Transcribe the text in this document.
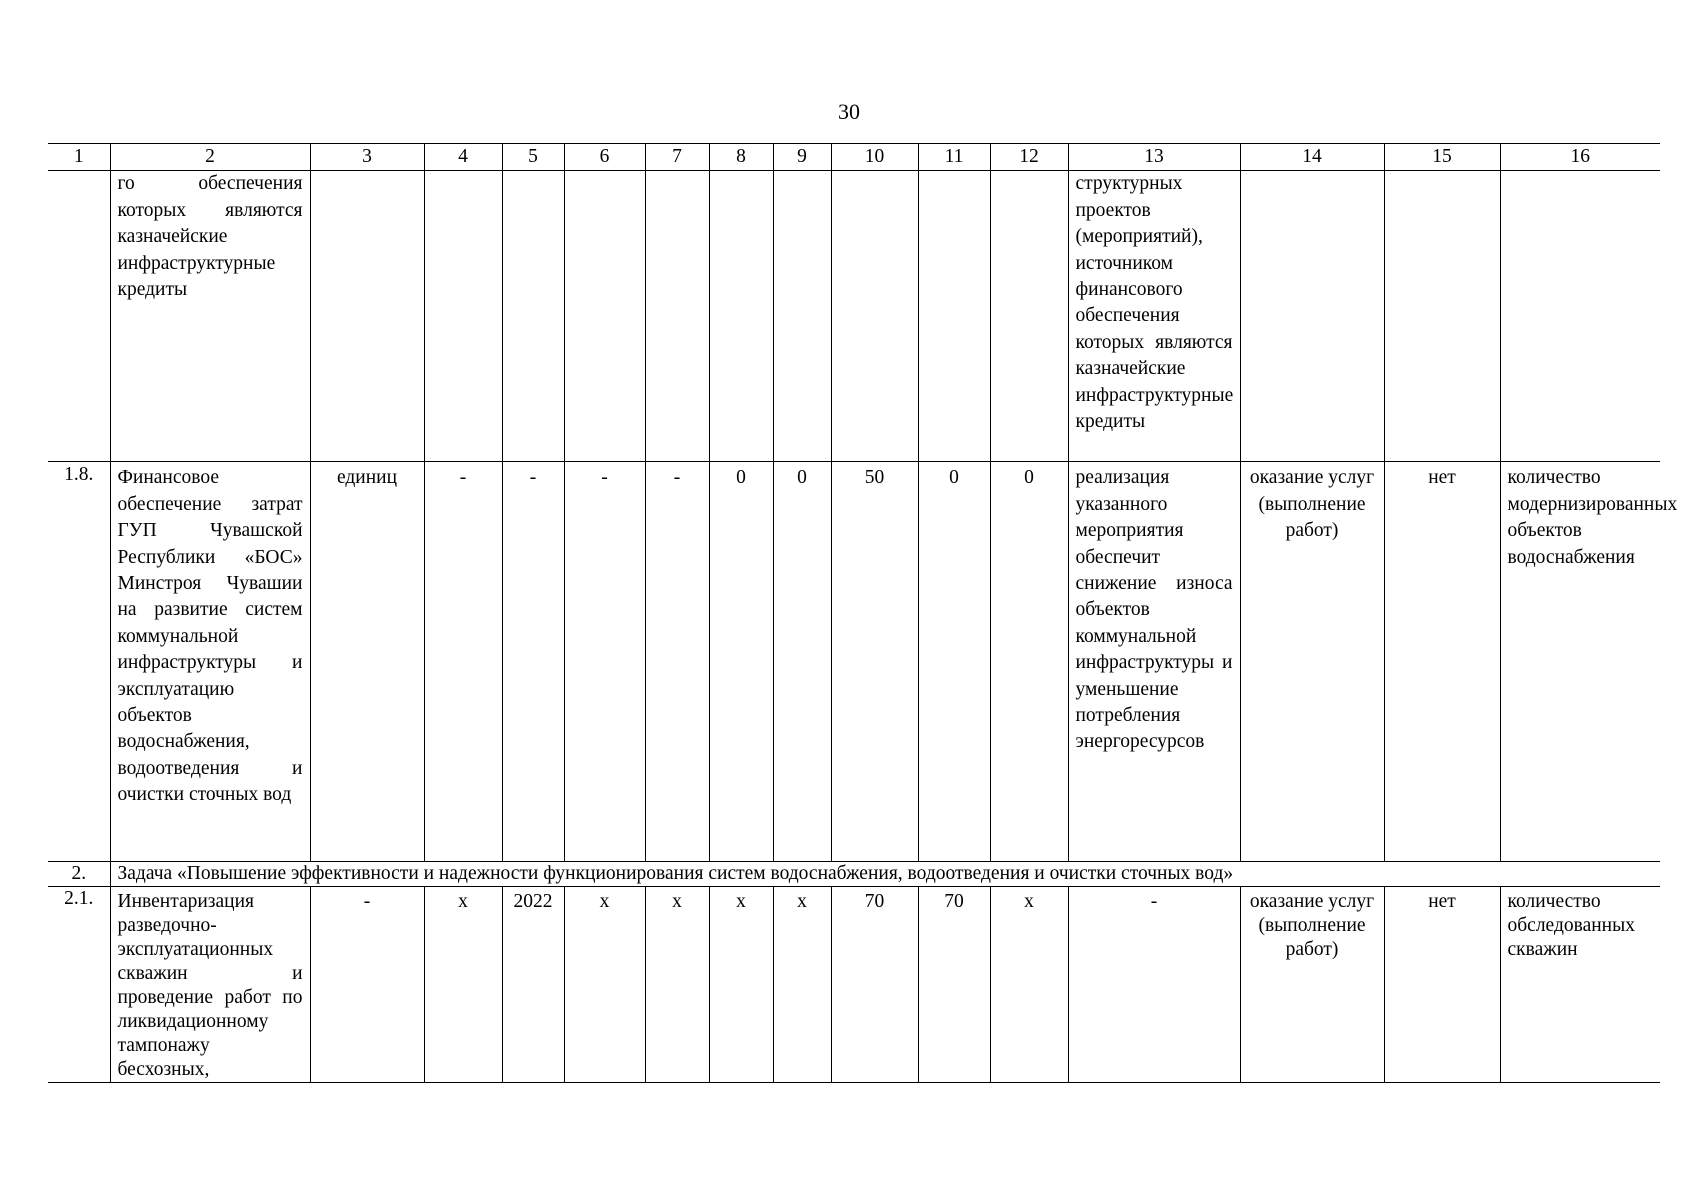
30
1	2	3	4	5	6	7	8	9	10	11	12	13	14	15	16
	го обеспечения которых являются казначейские инфраструктурные кредиты											структурных проектов (мероприятий), источником финансового обеспечения которых являются казначейские инфраструктурные кредиты			
1.8.	Финансовое обеспечение затрат ГУП Чувашской Республики «БОС» Минстроя Чувашии на развитие систем коммунальной инфраструктуры и эксплуатацию объектов водоснабжения, водоотведения и очистки сточных вод	единиц	-	-	-	-	0	0	50	0	0	реализация указанного мероприятия обеспечит снижение износа объектов коммунальной инфраструктуры и уменьшение потребления энергоресурсов	оказание услуг (выполнение работ)	нет	количество модернизированных объектов водоснабжения
2.	Задача «Повышение эффективности и надежности функционирования систем водоснабжения, водоотведения и очистки сточных вод»														
2.1.	Инвентаризация разведочно-эксплуатационных скважин и проведение работ по ликвидационному тампонажу бесхозных,	-	x	2022	x	x	x	x	70	70	x	-	оказание услуг (выполнение работ)	нет	количество обследованных скважин
